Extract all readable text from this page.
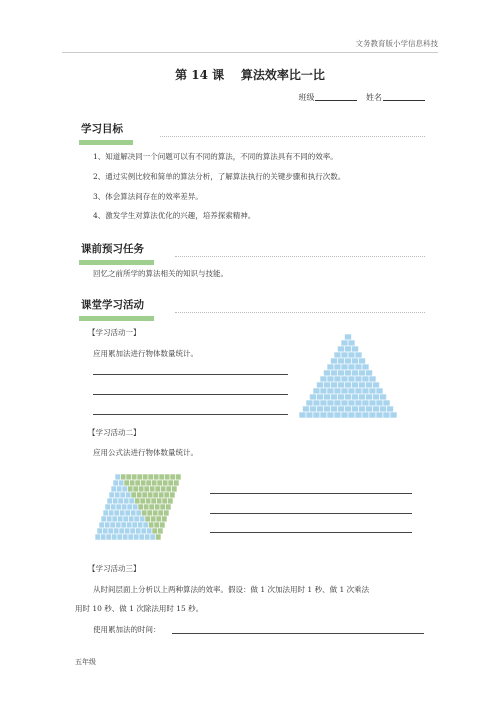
文务教育版小学信息科技
第 14 课 算法效率比一比
班级	姓名
学习目标
1、知道解决同一个问题可以有不同的算法，不同的算法具有不同的效率。
2、通过实例比较和简单的算法分析，了解算法执行的关键步骤和执行次数。
3、体会算法间存在的效率差异。
4、激发学生对算法优化的兴趣，培养探索精神。
课前预习任务
回忆之前所学的算法相关的知识与技能。
课堂学习活动
【学习活动一】
应用累加法进行物体数量统计。
【学习活动二】
应用公式法进行物体数量统计。
【学习活动三】
从时间层面上分析以上两种算法的效率。假设：做 1 次加法用时 1 秒、做 1 次乘法
用时 10 秒、做 1 次除法用时 15 秒。
使用累加法的时间：
五年级
